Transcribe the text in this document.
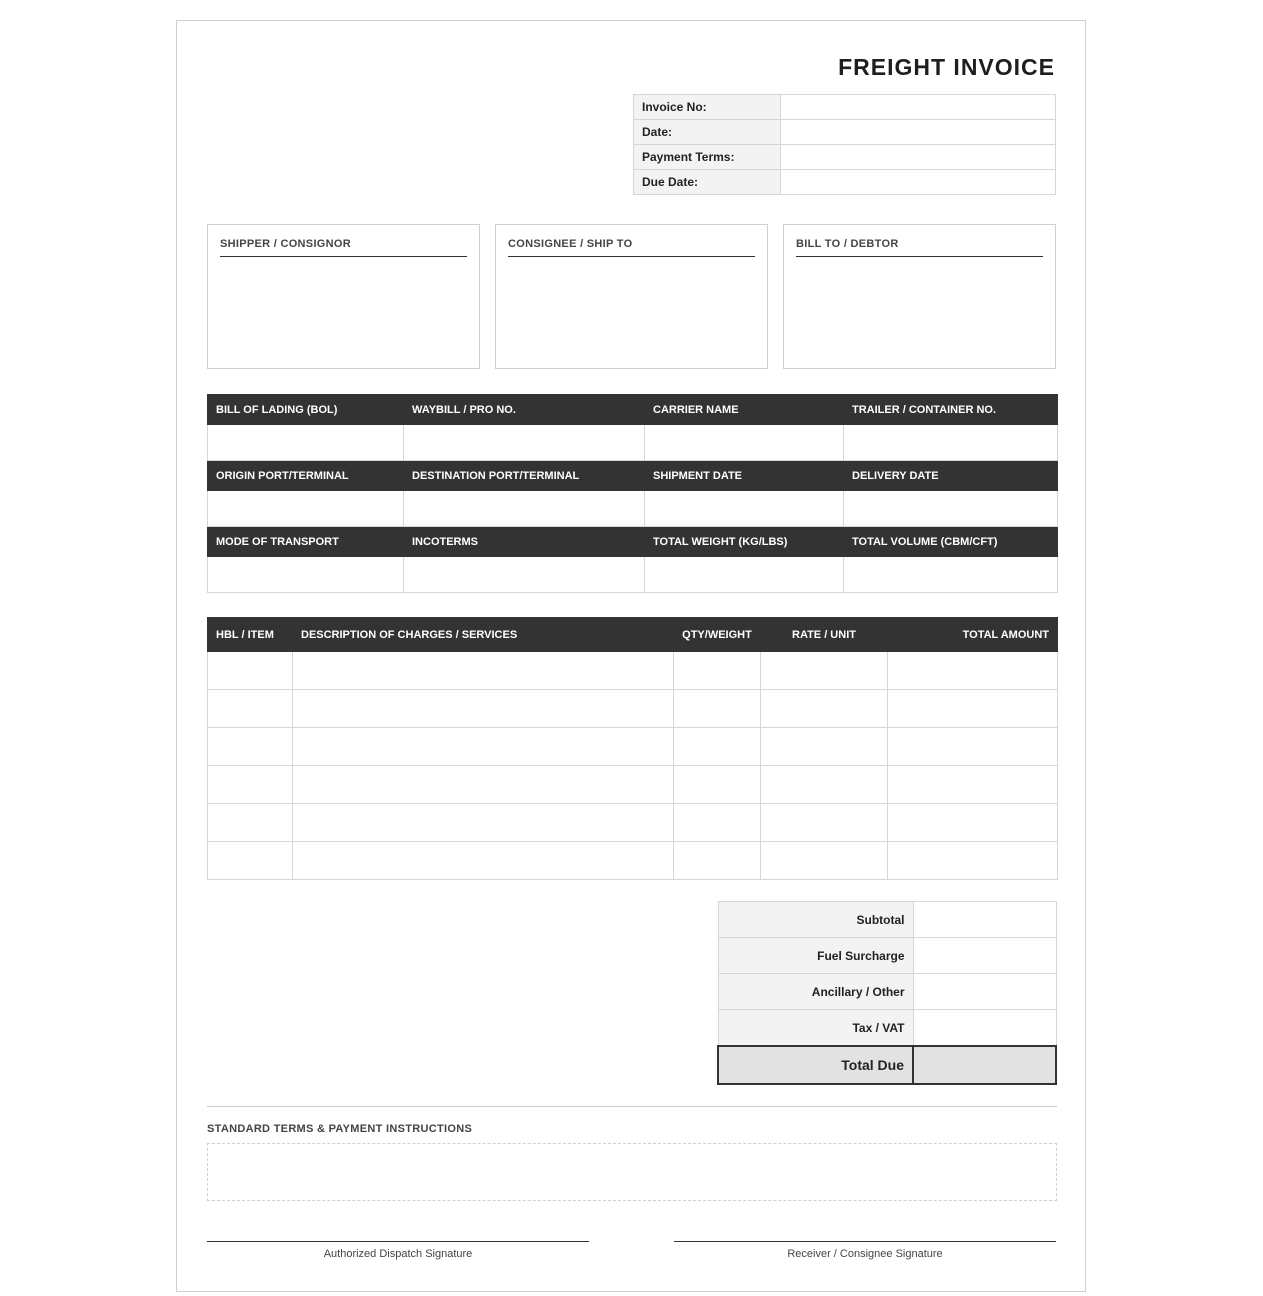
FREIGHT INVOICE
Invoice No:	
Date:	
Payment Terms:	
Due Date:	
SHIPPER / CONSIGNOR	CONSIGNEE / SHIP TO	BILL TO / DEBTOR
BILL OF LADING (BOL)	WAYBILL / PRO NO.	CARRIER NAME	TRAILER / CONTAINER NO.

ORIGIN PORT/TERMINAL	DESTINATION PORT/TERMINAL	SHIPMENT DATE	DELIVERY DATE

MODE OF TRANSPORT	INCOTERMS	TOTAL WEIGHT (KG/LBS)	TOTAL VOLUME (CBM/CFT)

HBL / ITEM	DESCRIPTION OF CHARGES / SERVICES	QTY/WEIGHT	RATE / UNIT	TOTAL AMOUNT

Subtotal	
Fuel Surcharge	
Ancillary / Other	
Tax / VAT	
Total Due	
STANDARD TERMS & PAYMENT INSTRUCTIONS
Authorized Dispatch Signature	Receiver / Consignee Signature
